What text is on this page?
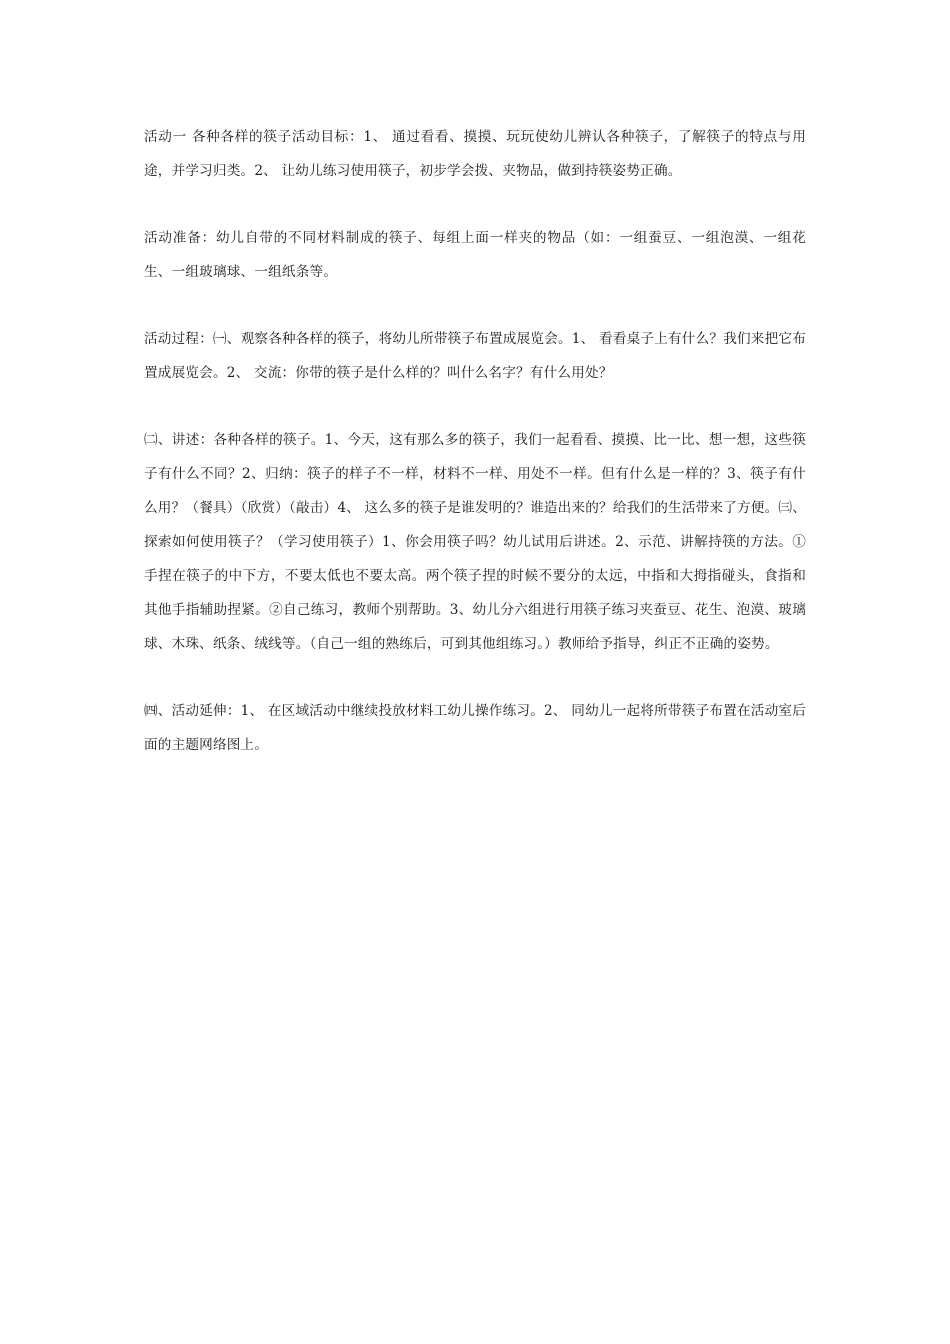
活动一 各种各样的筷子活动目标：1、 通过看看、摸摸、玩玩使幼儿辨认各种筷子，了解筷子的特点与用途，并学习归类。2、 让幼儿练习使用筷子，初步学会拨、夹物品，做到持筷姿势正确。

活动准备：幼儿自带的不同材料制成的筷子、每组上面一样夹的物品（如：一组蚕豆、一组泡漠、一组花生、一组玻璃球、一组纸条等。

活动过程：㈠、观察各种各样的筷子，将幼儿所带筷子布置成展览会。1、 看看桌子上有什么？我们来把它布置成展览会。2、 交流：你带的筷子是什么样的？叫什么名字？有什么用处？

㈡、讲述：各种各样的筷子。1、今天，这有那么多的筷子，我们一起看看、摸摸、比一比、想一想，这些筷子有什么不同？2、归纳：筷子的样子不一样，材料不一样、用处不一样。但有什么是一样的？3、筷子有什么用？（餐具）（欣赏）（敲击）4、 这么多的筷子是谁发明的？谁造出来的？给我们的生活带来了方便。㈢、探索如何使用筷子？（学习使用筷子）1、你会用筷子吗？幼儿试用后讲述。2、示范、讲解持筷的方法。①手捏在筷子的中下方，不要太低也不要太高。两个筷子捏的时候不要分的太远，中指和大拇指碰头，食指和其他手指辅助捏紧。②自己练习，教师个别帮助。3、幼儿分六组进行用筷子练习夹蚕豆、花生、泡漠、玻璃球、木珠、纸条、绒线等。（自己一组的熟练后，可到其他组练习。）教师给予指导，纠正不正确的姿势。

㈣、活动延伸：1、 在区域活动中继续投放材料工幼儿操作练习。2、 同幼儿一起将所带筷子布置在活动室后面的主题网络图上。
